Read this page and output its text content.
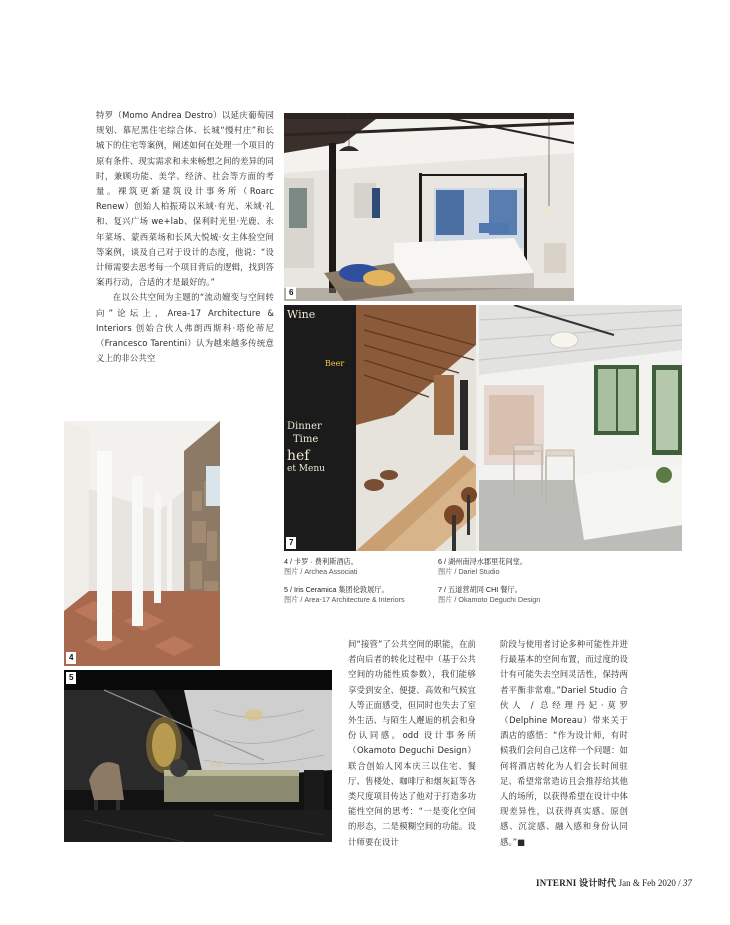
特罗（Momo Andrea Destro）以延庆葡萄园规划、慕尼黑住宅综合体、长城“慢村庄”和长城下的住宅等案例，阐述如何在处理一个项目的原有条件、现实需求和未来畅想之间的差异的同时，兼顾功能、美学、经济、社会等方面的考量。裸筑更新建筑设计事务所（Roarc Renew）创始人柏振琦以米域·有光、米域·礼和、复兴广场 we+lab、保利时光里·光鹿、永年菜场、蒙西菜场和长风大悦城·女主体验空间等案例，谈及自己对于设计的态度，他说：“设计师需要去思考每一个项目背后的逻辑，找到答案再行动，合适的才是最好的。”

在以公共空间为主题的“流动嬗变与空间转向”论坛上，Area-17 Architecture & Interiors 创始合伙人弗朗西斯科·塔伦蒂尼（Francesco Tarentini）认为越来越多传统意义上的非公共空

6
Wine
Beer
Dinner
Time
hef
et Menu
7
4
Mid
5
4 / 卡罗 · 费利斯酒店。
图片 / Archea Associati
5 / Iris Ceramica 集团伦敦展厅。
图片 / Area-17 Architecture & Interiors
6 / 湖州南浔水郡里花间堂。
图片 / Dariel Studio
7 / 五道营胡同 CHI 餐厅。
图片 / Okamoto Deguchi Design

间“接管”了公共空间的职能，在前者向后者的转化过程中（基于公共空间的功能性质参数），我们能够享受到安全、便捷、高效和气候宜人等正面感受，但同时也失去了室外生活、与陌生人邂逅的机会和身份认同感。odd 设计事务所（Okamoto Deguchi Design）联合创始人冈本庆三以住宅、餐厅、售楼处、咖啡厅和烟灰缸等各类尺度项目传达了他对于打造多功能性空间的思考：“一是变化空间的形态，二是模糊空间的功能。设计师要在设计

阶段与使用者讨论多种可能性并进行最基本的空间布置，而过度的设计有可能失去空间灵活性，保持两者平衡非常难。”Dariel Studio 合伙人 / 总经理丹妃·莫罗（Delphine Moreau）带来关于酒店的感悟：“作为设计师，有时候我们会问自己这样一个问题：如何将酒店转化为人们会长时间驻足、希望常常造访且会推荐给其他人的场所，以获得希望在设计中体现差异性，以获得真实感、原创感、沉淀感、融入感和身份认同感。”■

INTERNI 设计时代 Jan & Feb 2020 / 37
